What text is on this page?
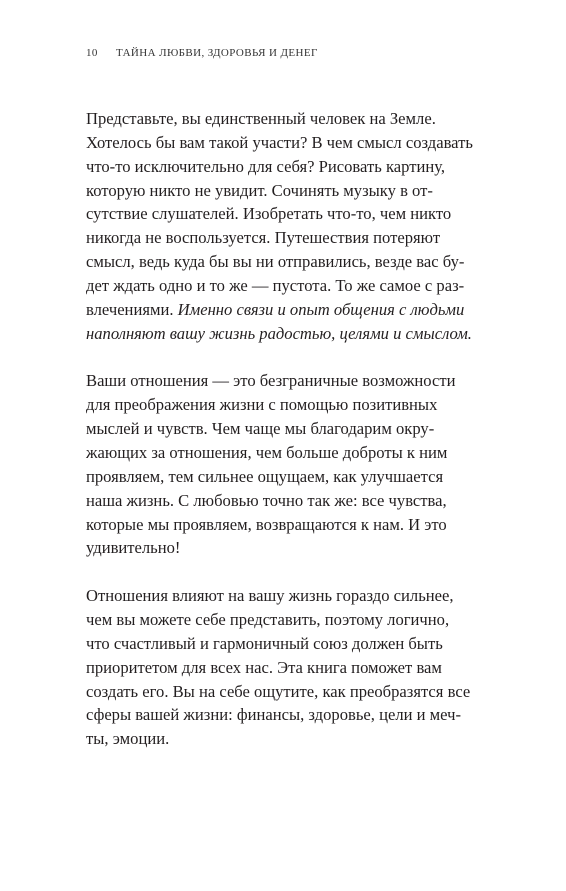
10	ТАЙНА ЛЮБВИ, ЗДОРОВЬЯ И ДЕНЕГ

Представьте, вы единственный человек на Земле.
Хотелось бы вам такой участи? В чем смысл создавать
что-то исключительно для себя? Рисовать картину,
которую никто не увидит. Сочинять музыку в от-
сутствие слушателей. Изобретать что-то, чем никто
никогда не воспользуется. Путешествия потеряют
смысл, ведь куда бы вы ни отправились, везде вас бу-
дет ждать одно и то же — пустота. То же самое с раз-
влечениями. Именно связи и опыт общения с людьми
наполняют вашу жизнь радостью, целями и смыслом.

Ваши отношения — это безграничные возможности
для преображения жизни с помощью позитивных
мыслей и чувств. Чем чаще мы благодарим окру-
жающих за отношения, чем больше доброты к ним
проявляем, тем сильнее ощущаем, как улучшается
наша жизнь. С любовью точно так же: все чувства,
которые мы проявляем, возвращаются к нам. И это
удивительно!

Отношения влияют на вашу жизнь гораздо сильнее,
чем вы можете себе представить, поэтому логично,
что счастливый и гармоничный союз должен быть
приоритетом для всех нас. Эта книга поможет вам
создать его. Вы на себе ощутите, как преобразятся все
сферы вашей жизни: финансы, здоровье, цели и меч-
ты, эмоции.
